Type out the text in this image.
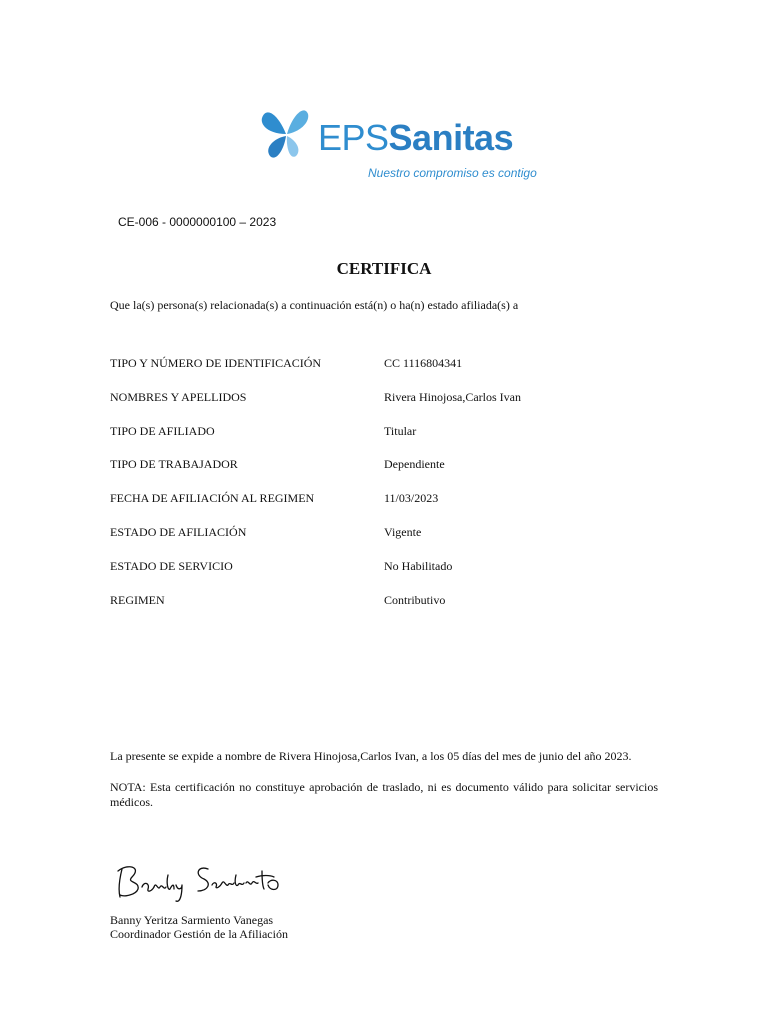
EPSSanitas
Nuestro compromiso es contigo
CE-006 - 0000000100 – 2023
CERTIFICA
Que la(s) persona(s) relacionada(s) a continuación está(n) o ha(n) estado afiliada(s) a
TIPO Y NÚMERO DE IDENTIFICACIÓN	CC 1116804341
NOMBRES Y APELLIDOS	Rivera Hinojosa,Carlos Ivan
TIPO DE AFILIADO	Titular
TIPO DE TRABAJADOR	Dependiente
FECHA DE AFILIACIÓN AL REGIMEN	11/03/2023
ESTADO DE AFILIACIÓN	Vigente
ESTADO DE SERVICIO	No Habilitado
REGIMEN	Contributivo
La presente se expide a nombre de Rivera Hinojosa,Carlos Ivan, a los 05 días del mes de junio del año 2023.
NOTA: Esta certificación no constituye aprobación de traslado, ni es documento válido para solicitar servicios médicos.
Banny Yeritza Sarmiento Vanegas
Coordinador Gestión de la Afiliación
